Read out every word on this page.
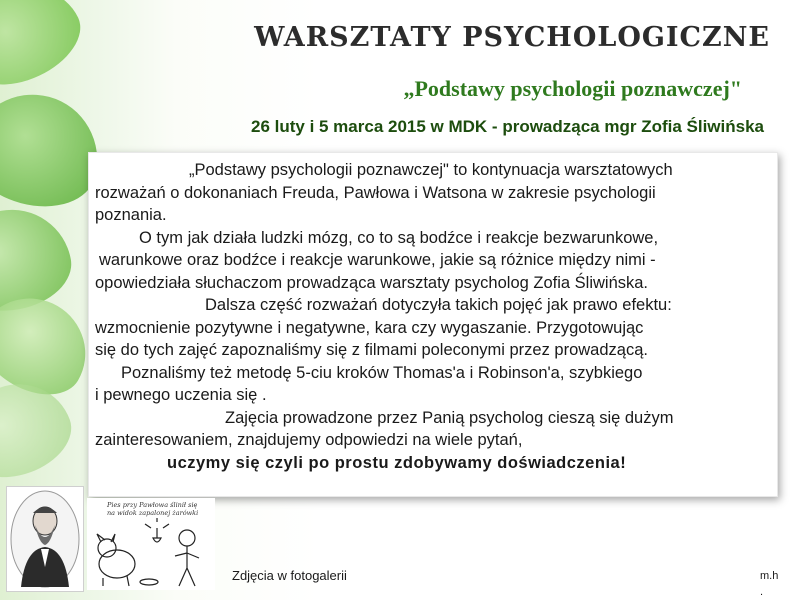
WARSZTATY PSYCHOLOGICZNE
„Podstawy psychologii poznawczej"

26 luty i 5 marca 2015 w MDK - prowadząca mgr Zofia Śliwińska

„Podstawy psychologii poznawczej" to kontynuacja warsztatowych

rozważań o dokonaniach Freuda, Pawłowa i Watsona w zakresie psychologii

poznania.

O tym jak działa ludzki mózg, co to są bodźce i reakcje bezwarunkowe,

warunkowe oraz bodźce i reakcje warunkowe, jakie są różnice między nimi -

opowiedziała słuchaczom prowadząca warsztaty psycholog Zofia Śliwińska.

Dalsza część rozważań dotyczyła takich pojęć jak prawo efektu:

wzmocnienie pozytywne i negatywne, kara czy wygaszanie. Przygotowując

się do tych zajęć zapoznaliśmy się z filmami poleconymi przez prowadzącą.

Poznaliśmy też metodę 5-ciu kroków Thomas'a i Robinson'a, szybkiego

i pewnego uczenia się .

Zajęcia prowadzone przez Panią psycholog cieszą się dużym

zainteresowaniem, znajdujemy odpowiedzi na wiele pytań,

uczymy się czyli po prostu zdobywamy doświadczenia!

Pies przy Pawłowa ślinił się na widok zapalonej żarówki

Zdjęcia w fotogalerii	m.h
.
